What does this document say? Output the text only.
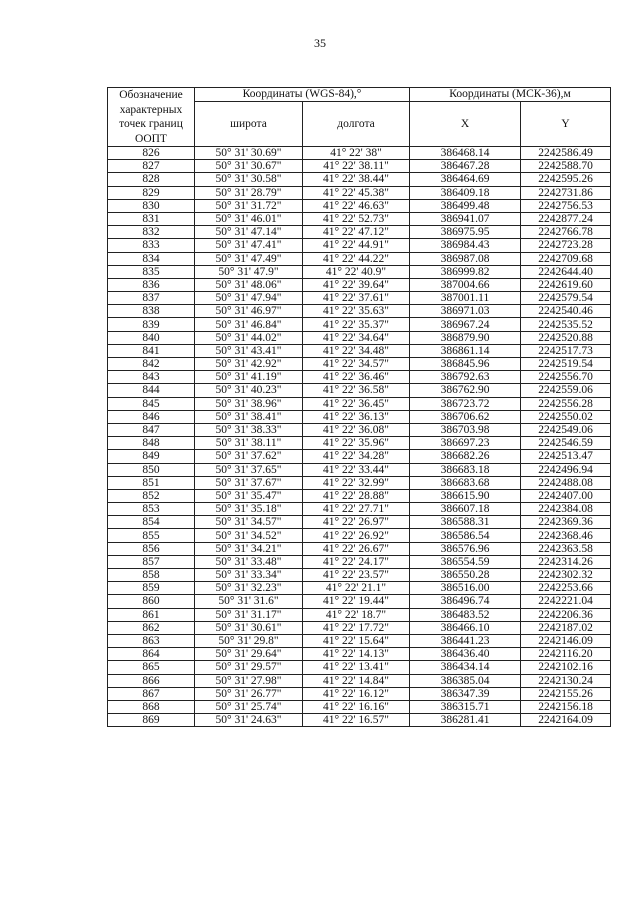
35
Обозначение характерных точек границ ООПТ	Координаты (WGS-84),°		Координаты (МСК-36),м	
	широта	долгота	X	Y
826	50° 31' 30.69"	41° 22' 38"	386468.14	2242586.49
827	50° 31' 30.67"	41° 22' 38.11"	386467.28	2242588.70
828	50° 31' 30.58"	41° 22' 38.44"	386464.69	2242595.26
829	50° 31' 28.79"	41° 22' 45.38"	386409.18	2242731.86
830	50° 31' 31.72"	41° 22' 46.63"	386499.48	2242756.53
831	50° 31' 46.01"	41° 22' 52.73"	386941.07	2242877.24
832	50° 31' 47.14"	41° 22' 47.12"	386975.95	2242766.78
833	50° 31' 47.41"	41° 22' 44.91"	386984.43	2242723.28
834	50° 31' 47.49"	41° 22' 44.22"	386987.08	2242709.68
835	50° 31' 47.9"	41° 22' 40.9"	386999.82	2242644.40
836	50° 31' 48.06"	41° 22' 39.64"	387004.66	2242619.60
837	50° 31' 47.94"	41° 22' 37.61"	387001.11	2242579.54
838	50° 31' 46.97"	41° 22' 35.63"	386971.03	2242540.46
839	50° 31' 46.84"	41° 22' 35.37"	386967.24	2242535.52
840	50° 31' 44.02"	41° 22' 34.64"	386879.90	2242520.88
841	50° 31' 43.41"	41° 22' 34.48"	386861.14	2242517.73
842	50° 31' 42.92"	41° 22' 34.57"	386845.96	2242519.54
843	50° 31' 41.19"	41° 22' 36.46"	386792.63	2242556.70
844	50° 31' 40.23"	41° 22' 36.58"	386762.90	2242559.06
845	50° 31' 38.96"	41° 22' 36.45"	386723.72	2242556.28
846	50° 31' 38.41"	41° 22' 36.13"	386706.62	2242550.02
847	50° 31' 38.33"	41° 22' 36.08"	386703.98	2242549.06
848	50° 31' 38.11"	41° 22' 35.96"	386697.23	2242546.59
849	50° 31' 37.62"	41° 22' 34.28"	386682.26	2242513.47
850	50° 31' 37.65"	41° 22' 33.44"	386683.18	2242496.94
851	50° 31' 37.67"	41° 22' 32.99"	386683.68	2242488.08
852	50° 31' 35.47"	41° 22' 28.88"	386615.90	2242407.00
853	50° 31' 35.18"	41° 22' 27.71"	386607.18	2242384.08
854	50° 31' 34.57"	41° 22' 26.97"	386588.31	2242369.36
855	50° 31' 34.52"	41° 22' 26.92"	386586.54	2242368.46
856	50° 31' 34.21"	41° 22' 26.67"	386576.96	2242363.58
857	50° 31' 33.48"	41° 22' 24.17"	386554.59	2242314.26
858	50° 31' 33.34"	41° 22' 23.57"	386550.28	2242302.32
859	50° 31' 32.23"	41° 22' 21.1"	386516.00	2242253.66
860	50° 31' 31.6"	41° 22' 19.44"	386496.74	2242221.04
861	50° 31' 31.17"	41° 22' 18.7"	386483.52	2242206.36
862	50° 31' 30.61"	41° 22' 17.72"	386466.10	2242187.02
863	50° 31' 29.8"	41° 22' 15.64"	386441.23	2242146.09
864	50° 31' 29.64"	41° 22' 14.13"	386436.40	2242116.20
865	50° 31' 29.57"	41° 22' 13.41"	386434.14	2242102.16
866	50° 31' 27.98"	41° 22' 14.84"	386385.04	2242130.24
867	50° 31' 26.77"	41° 22' 16.12"	386347.39	2242155.26
868	50° 31' 25.74"	41° 22' 16.16"	386315.71	2242156.18
869	50° 31' 24.63"	41° 22' 16.57"	386281.41	2242164.09
